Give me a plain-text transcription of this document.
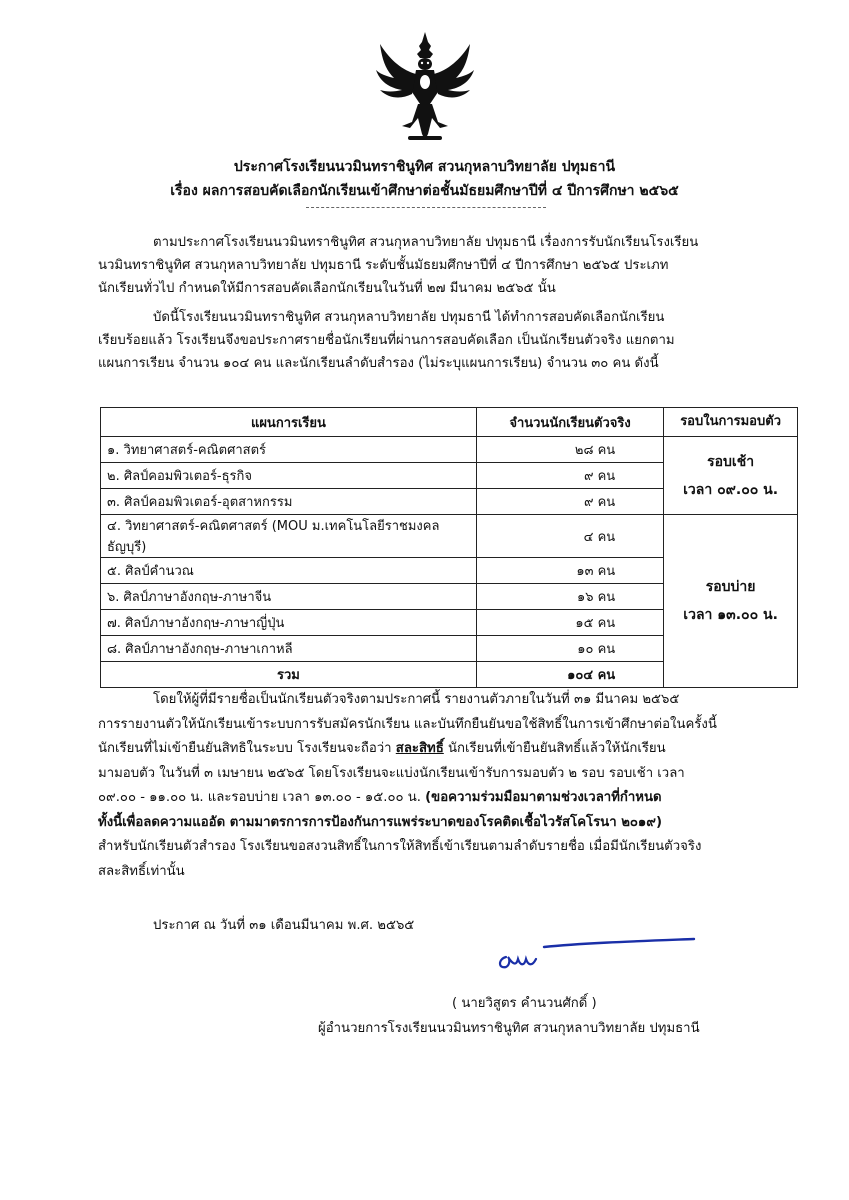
ประกาศโรงเรียนนวมินทราชินูทิศ สวนกุหลาบวิทยาลัย ปทุมธานี
เรื่อง ผลการสอบคัดเลือกนักเรียนเข้าศึกษาต่อชั้นมัธยมศึกษาปีที่ ๔ ปีการศึกษา ๒๕๖๕
ตามประกาศโรงเรียนนวมินทราชินูทิศ สวนกุหลาบวิทยาลัย ปทุมธานี เรื่องการรับนักเรียนโรงเรียน
นวมินทราชินูทิศ สวนกุหลาบวิทยาลัย ปทุมธานี ระดับชั้นมัธยมศึกษาปีที่ ๔ ปีการศึกษา ๒๕๖๕ ประเภท
นักเรียนทั่วไป กำหนดให้มีการสอบคัดเลือกนักเรียนในวันที่ ๒๗ มีนาคม ๒๕๖๕ นั้น
บัดนี้โรงเรียนนวมินทราชินูทิศ สวนกุหลาบวิทยาลัย ปทุมธานี ได้ทำการสอบคัดเลือกนักเรียน
เรียบร้อยแล้ว โรงเรียนจึงขอประกาศรายชื่อนักเรียนที่ผ่านการสอบคัดเลือก เป็นนักเรียนตัวจริง แยกตาม
แผนการเรียน จำนวน ๑๐๔ คน และนักเรียนลำดับสำรอง (ไม่ระบุแผนการเรียน) จำนวน ๓๐ คน ดังนี้
แผนการเรียน	จำนวนนักเรียนตัวจริง	รอบในการมอบตัว
๑. วิทยาศาสตร์-คณิตศาสตร์	๒๘ คน	รอบเช้า
เวลา ๐๙.๐๐ น.

๒. ศิลป์คอมพิวเตอร์-ธุรกิจ	๙ คน	
๓. ศิลป์คอมพิวเตอร์-อุตสาหกรรม	๙ คน	
๔. วิทยาศาสตร์-คณิตศาสตร์ (MOU ม.เทคโนโลยีราชมงคล ธัญบุรี)	๔ คน	รอบบ่าย
เวลา ๑๓.๐๐ น.

๕. ศิลป์คำนวณ	๑๓ คน	
๖. ศิลป์ภาษาอังกฤษ-ภาษาจีน	๑๖ คน	
๗. ศิลป์ภาษาอังกฤษ-ภาษาญี่ปุ่น	๑๕ คน	
๘. ศิลป์ภาษาอังกฤษ-ภาษาเกาหลี	๑๐ คน	
รวม	๑๐๔ คน	
โดยให้ผู้ที่มีรายชื่อเป็นนักเรียนตัวจริงตามประกาศนี้ รายงานตัวภายในวันที่ ๓๑ มีนาคม ๒๕๖๕
การรายงานตัวให้นักเรียนเข้าระบบการรับสมัครนักเรียน และบันทึกยืนยันขอใช้สิทธิ์ในการเข้าศึกษาต่อในครั้งนี้
นักเรียนที่ไม่เข้ายืนยันสิทธิในระบบ โรงเรียนจะถือว่า สละสิทธิ์ นักเรียนที่เข้ายืนยันสิทธิ์แล้วให้นักเรียน
มามอบตัว ในวันที่ ๓ เมษายน ๒๕๖๕ โดยโรงเรียนจะแบ่งนักเรียนเข้ารับการมอบตัว ๒ รอบ รอบเช้า เวลา
๐๙.๐๐ - ๑๑.๐๐ น. และรอบบ่าย เวลา ๑๓.๐๐ - ๑๕.๐๐ น. (ขอความร่วมมือมาตามช่วงเวลาที่กำหนด
ทั้งนี้เพื่อลดความแออัด ตามมาตรการการป้องกันการแพร่ระบาดของโรคติดเชื้อไวรัสโคโรนา ๒๐๑๙)
สำหรับนักเรียนตัวสำรอง โรงเรียนขอสงวนสิทธิ์ในการให้สิทธิ์เข้าเรียนตามลำดับรายชื่อ เมื่อมีนักเรียนตัวจริง
สละสิทธิ์เท่านั้น
ประกาศ ณ วันที่ ๓๑ เดือนมีนาคม พ.ศ. ๒๕๖๕
( นายวิสูตร คำนวนศักดิ์ )
ผู้อำนวยการโรงเรียนนวมินทราชินูทิศ สวนกุหลาบวิทยาลัย ปทุมธานี
